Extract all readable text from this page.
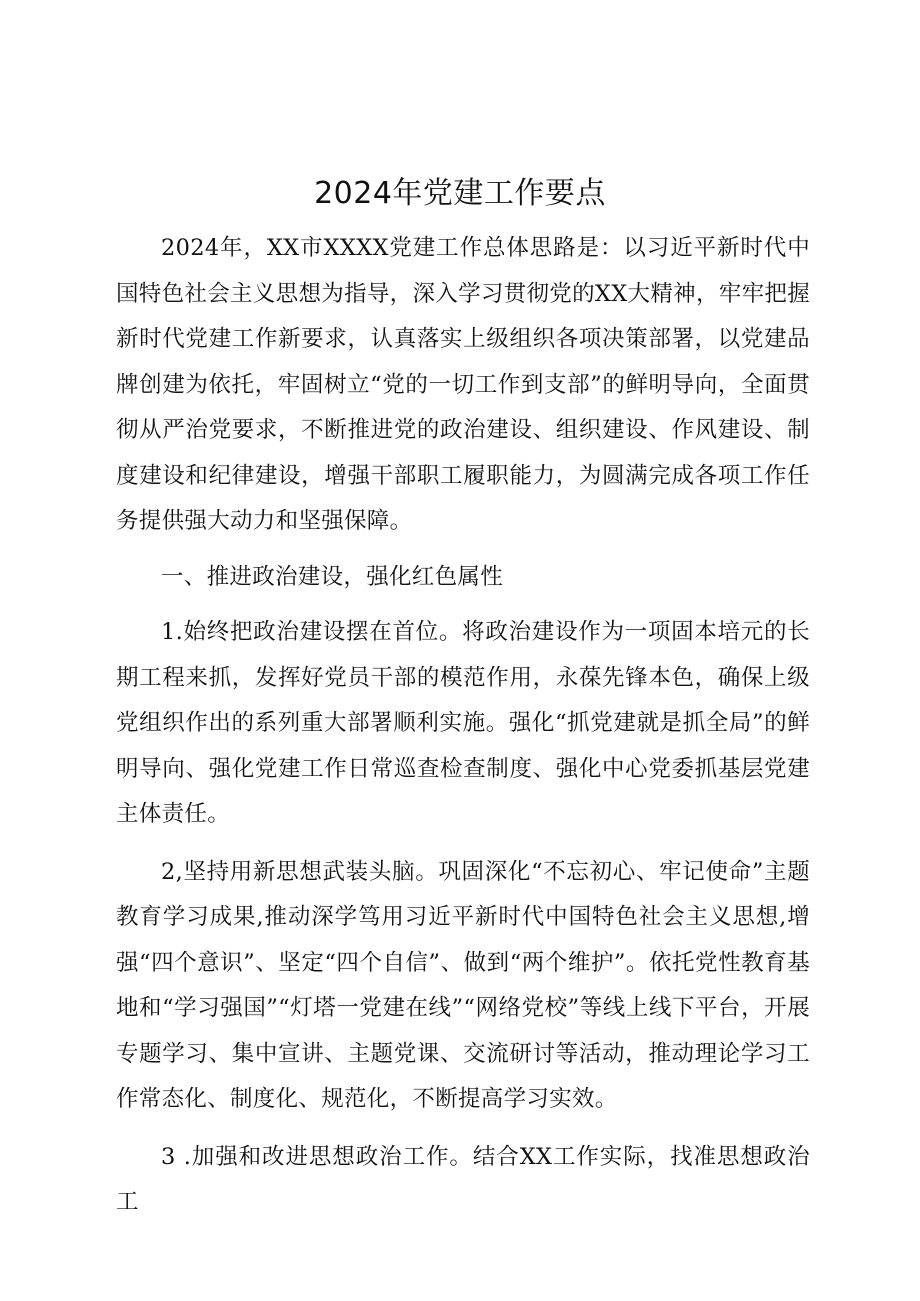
2024年党建工作要点

2024年，XX市XXXX党建工作总体思路是：以习近平新时代中国特色社会主义思想为指导，深入学习贯彻党的XX大精神，牢牢把握新时代党建工作新要求，认真落实上级组织各项决策部署，以党建品牌创建为依托，牢固树立“党的一切工作到支部”的鲜明导向，全面贯彻从严治党要求，不断推进党的政治建设、组织建设、作风建设、制度建设和纪律建设，增强干部职工履职能力，为圆满完成各项工作任务提供强大动力和坚强保障。

一、推进政治建设，强化红色属性

1.始终把政治建设摆在首位。将政治建设作为一项固本培元的长期工程来抓，发挥好党员干部的模范作用，永葆先锋本色，确保上级党组织作出的系列重大部署顺利实施。强化“抓党建就是抓全局”的鲜明导向、强化党建工作日常巡查检查制度、强化中心党委抓基层党建主体责任。

2,坚持用新思想武装头脑。巩固深化“不忘初心、牢记使命”主题教育学习成果,推动深学笃用习近平新时代中国特色社会主义思想,增强“四个意识”、坚定“四个自信”、做到“两个维护”。依托党性教育基地和“学习强国”“灯塔一党建在线”“网络党校”等线上线下平台，开展专题学习、集中宣讲、主题党课、交流研讨等活动，推动理论学习工作常态化、制度化、规范化，不断提高学习实效。

3 .加强和改进思想政治工作。结合XX工作实际，找准思想政治工
